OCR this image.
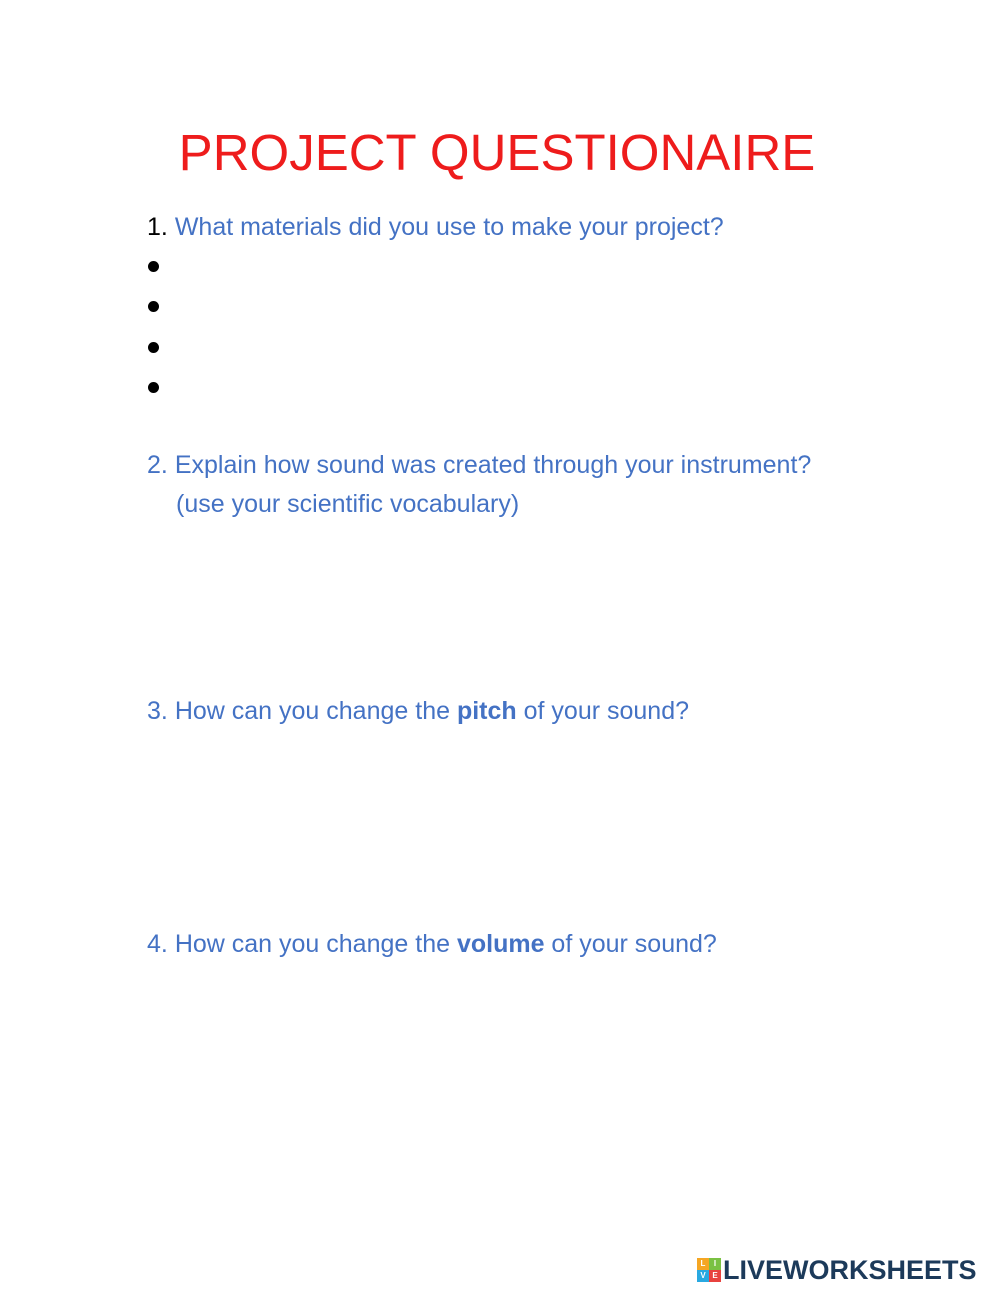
PROJECT QUESTIONAIRE
1. What materials did you use to make your project?
2. Explain how sound was created through your instrument?
(use your scientific vocabulary)
3. How can you change the pitch of your sound?
4. How can you change the volume of your sound?
L	I
V E LIVEWORKSHEETS
